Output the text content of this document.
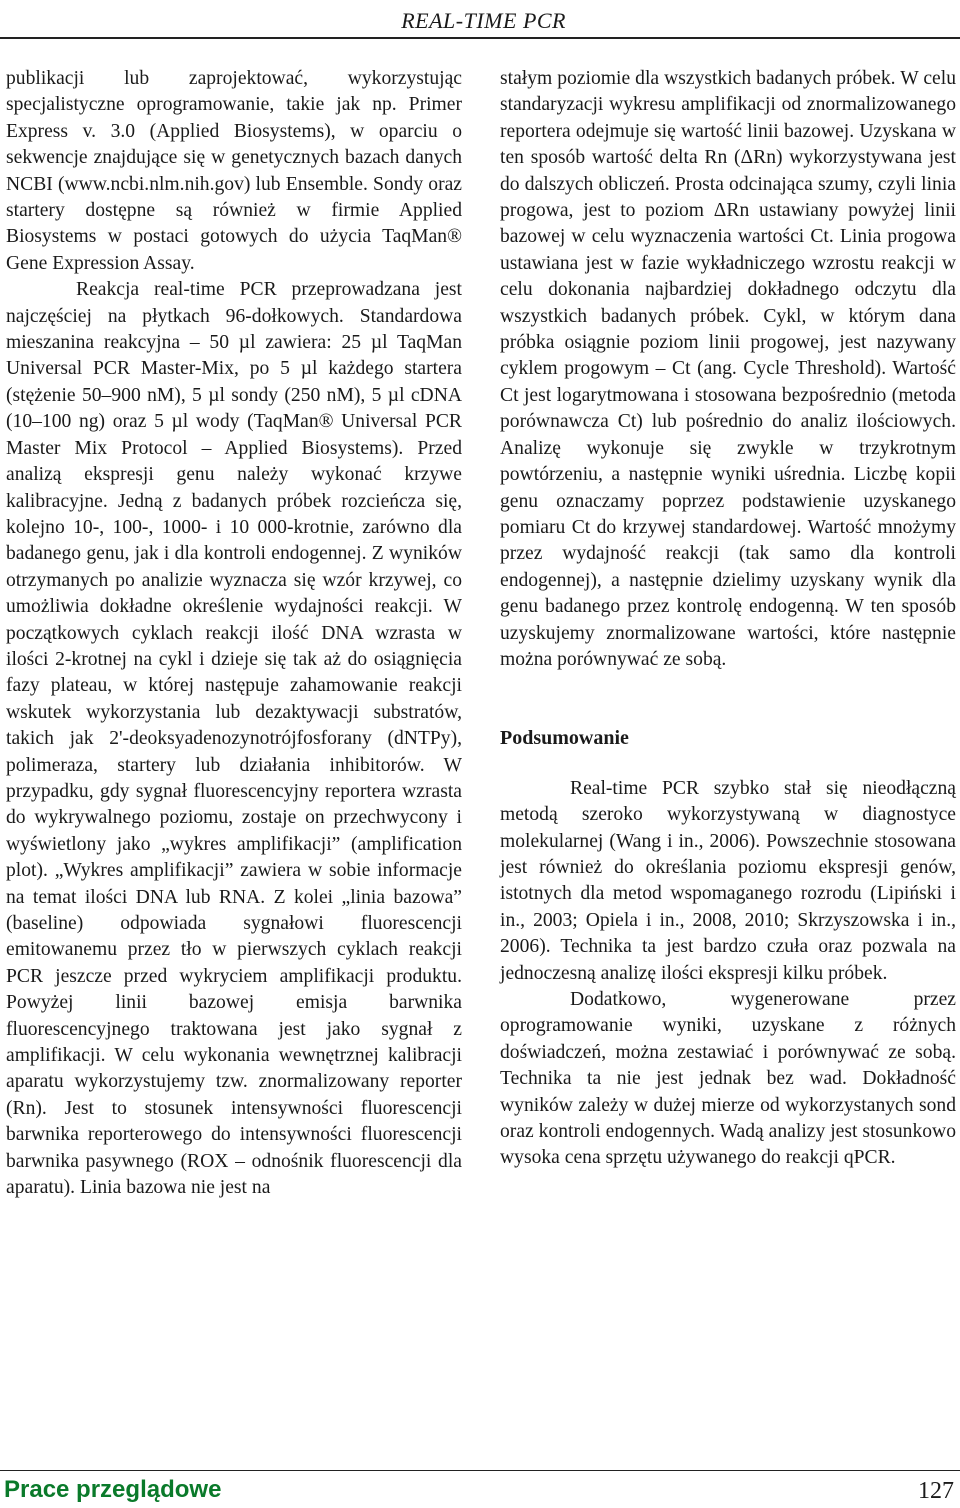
REAL-TIME PCR

publikacji lub zaprojektować, wykorzystując specjalistyczne oprogramowanie, takie jak np. Primer Express v. 3.0 (Applied Biosystems), w oparciu o sekwencje znajdujące się w genetycznych bazach danych NCBI (www.ncbi.nlm.nih.gov) lub Ensemble. Sondy oraz startery dostępne są również w firmie Applied Biosystems w postaci gotowych do użycia TaqMan® Gene Expression Assay.

Reakcja real-time PCR przeprowadzana jest najczęściej na płytkach 96-dołkowych. Standardowa mieszanina reakcyjna – 50 µl zawiera: 25 µl TaqMan Universal PCR Master-Mix, po 5 µl każdego startera (stężenie 50–900 nM), 5 µl sondy (250 nM), 5 µl cDNA (10–100 ng) oraz 5 µl wody (TaqMan® Universal PCR Master Mix Protocol – Applied Biosystems). Przed analizą ekspresji genu należy wykonać krzywe kalibracyjne. Jedną z badanych próbek rozcieńcza się, kolejno 10-, 100-, 1000- i 10 000-krotnie, zarówno dla badanego genu, jak i dla kontroli endogennej. Z wyników otrzymanych po analizie wyznacza się wzór krzywej, co umożliwia dokładne określenie wydajności reakcji. W początkowych cyklach reakcji ilość DNA wzrasta w ilości 2-krotnej na cykl i dzieje się tak aż do osiągnięcia fazy plateau, w której następuje zahamowanie reakcji wskutek wykorzystania lub dezaktywacji substratów, takich jak 2'-deoksyadenozynotrójfosforany (dNTPy), polimeraza, startery lub działania inhibitorów. W przypadku, gdy sygnał fluorescencyjny reportera wzrasta do wykrywalnego poziomu, zostaje on przechwycony i wyświetlony jako „wykres amplifikacji” (amplification plot). „Wykres amplifikacji” zawiera w sobie informacje na temat ilości DNA lub RNA. Z kolei „linia bazowa” (baseline) odpowiada sygnałowi fluorescencji emitowanemu przez tło w pierwszych cyklach reakcji PCR jeszcze przed wykryciem amplifikacji produktu. Powyżej linii bazowej emisja barwnika fluorescencyjnego traktowana jest jako sygnał z amplifikacji. W celu wykonania wewnętrznej kalibracji aparatu wykorzystujemy tzw. znormalizowany reporter (Rn). Jest to stosunek intensywności fluorescencji barwnika reporterowego do intensywności fluorescencji barwnika pasywnego (ROX – odnośnik fluorescencji dla aparatu). Linia bazowa nie jest na

stałym poziomie dla wszystkich badanych próbek. W celu standaryzacji wykresu amplifikacji od znormalizowanego reportera odejmuje się wartość linii bazowej. Uzyskana w ten sposób wartość delta Rn (ΔRn) wykorzystywana jest do dalszych obliczeń. Prosta odcinająca szumy, czyli linia progowa, jest to poziom ΔRn ustawiany powyżej linii bazowej w celu wyznaczenia wartości Ct. Linia progowa ustawiana jest w fazie wykładniczego wzrostu reakcji w celu dokonania najbardziej dokładnego odczytu dla wszystkich badanych próbek. Cykl, w którym dana próbka osiągnie poziom linii progowej, jest nazywany cyklem progowym – Ct (ang. Cycle Threshold). Wartość Ct jest logarytmowana i stosowana bezpośrednio (metoda porównawcza Ct) lub pośrednio do analiz ilościowych. Analizę wykonuje się zwykle w trzykrotnym powtórzeniu, a następnie wyniki uśrednia. Liczbę kopii genu oznaczamy poprzez podstawienie uzyskanego pomiaru Ct do krzywej standardowej. Wartość mnożymy przez wydajność reakcji (tak samo dla kontroli endogennej), a następnie dzielimy uzyskany wynik dla genu badanego przez kontrolę endogenną. W ten sposób uzyskujemy znormalizowane wartości, które następnie można porównywać ze sobą.

Podsumowanie

Real-time PCR szybko stał się nieodłączną metodą szeroko wykorzystywaną w diagnostyce molekularnej (Wang i in., 2006). Powszechnie stosowana jest również do określania poziomu ekspresji genów, istotnych dla metod wspomaganego rozrodu (Lipiński i in., 2003; Opiela i in., 2008, 2010; Skrzyszowska i in., 2006). Technika ta jest bardzo czuła oraz pozwala na jednoczesną analizę ilości ekspresji kilku próbek.

Dodatkowo, wygenerowane przez oprogramowanie wyniki, uzyskane z różnych doświadczeń, można zestawiać i porównywać ze sobą. Technika ta nie jest jednak bez wad. Dokładność wyników zależy w dużej mierze od wykorzystanych sond oraz kontroli endogennych. Wadą analizy jest stosunkowo wysoka cena sprzętu używanego do reakcji qPCR.

Prace przeglądowe	127
